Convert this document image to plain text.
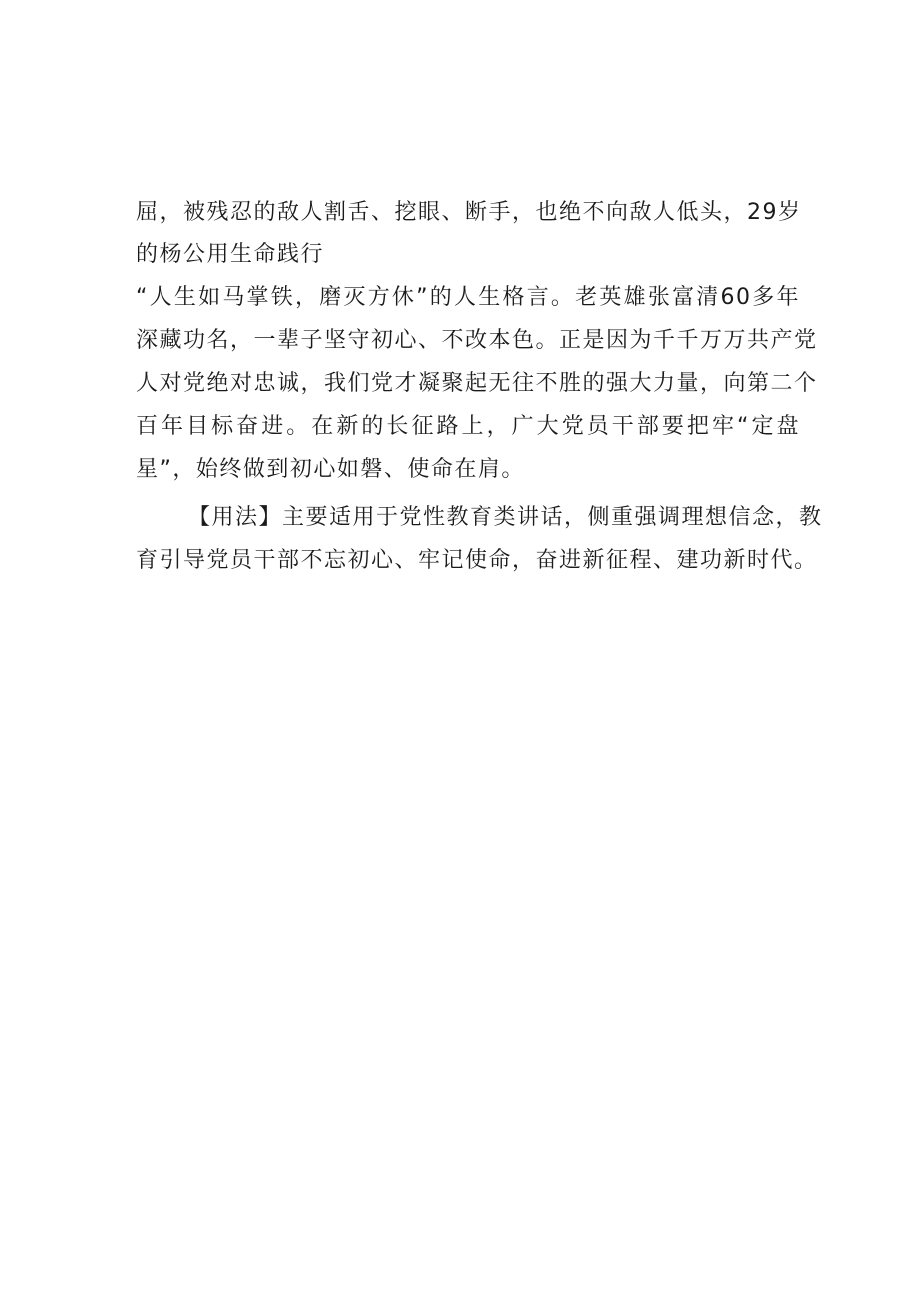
屈，被残忍的敌人割舌、挖眼、断手，也绝不向敌人低头，29岁
的杨公用生命践行
“人生如马掌铁，磨灭方休”的人生格言。老英雄张富清60多年
深藏功名，一辈子坚守初心、不改本色。正是因为千千万万共产党
人对党绝对忠诚，我们党才凝聚起无往不胜的强大力量，向第二个
百年目标奋进。在新的长征路上，广大党员干部要把牢“定盘
星”，始终做到初心如磐、使命在肩。
【用法】主要适用于党性教育类讲话，侧重强调理想信念，教
育引导党员干部不忘初心、牢记使命，奋进新征程、建功新时代。
